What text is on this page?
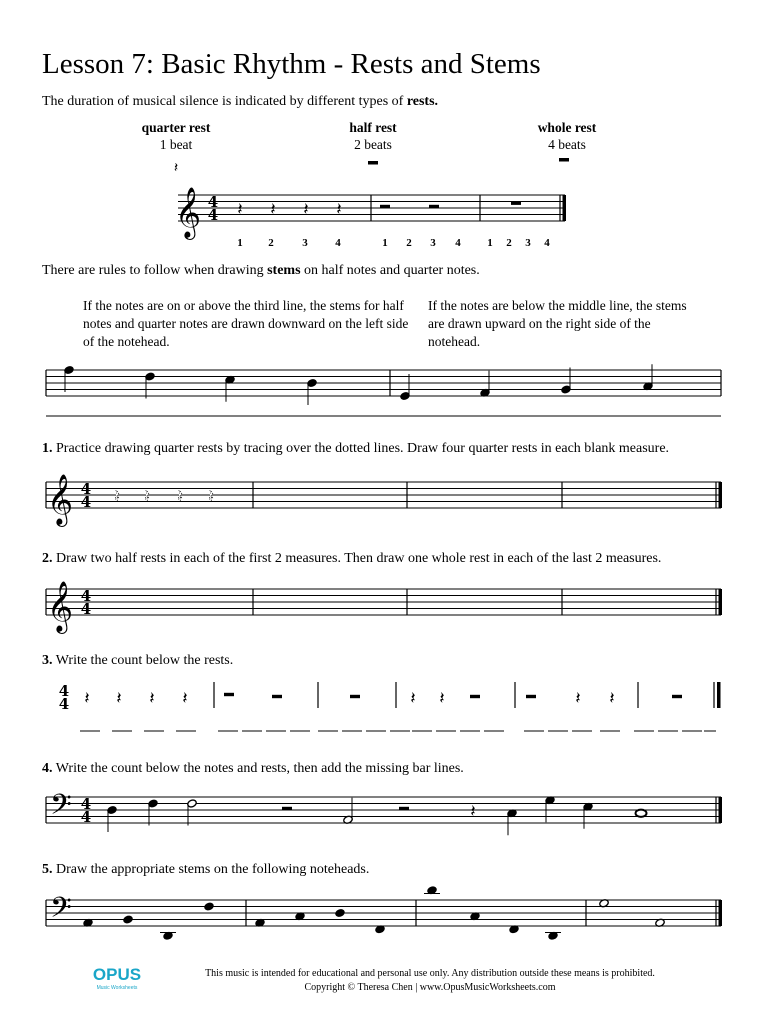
Lesson 7: Basic Rhythm - Rests and Stems
The duration of musical silence is indicated by different types of rests.
quarter rest
1 beat
half rest
2 beats
whole rest
4 beats
There are rules to follow when drawing stems on half notes and quarter notes.
If the notes are on or above the third line, the stems for half notes and quarter notes are drawn downward on the left side of the notehead.
If the notes are below the middle line, the stems are drawn upward on the right side of the notehead.
1. Practice drawing quarter rests by tracing over the dotted lines. Draw four quarter rests in each blank measure.
2. Draw two half rests in each of the first 2 measures. Then draw one whole rest in each of the last 2 measures.
3. Write the count below the rests.
4. Write the count below the notes and rests, then add the missing bar lines.
5. Draw the appropriate stems on the following noteheads.
OPUS
Music Worksheets
This music is intended for educational and personal use only. Any distribution outside these means is prohibited.
Copyright © Theresa Chen | www.OpusMusicWorksheets.com
𝄞 4
4 𝄽 𝄽 𝄽 𝄽
𝄽
1 2	3	4	1 2 3 4 1 2 3 4
𝄞 4
4 𝄽 𝄽 𝄽 𝄽
𝄞 4
4
4
4 𝄽 𝄽 𝄽 𝄽	𝄽 𝄽	𝄽 𝄽
𝄢 4
4	𝄽
𝄢
